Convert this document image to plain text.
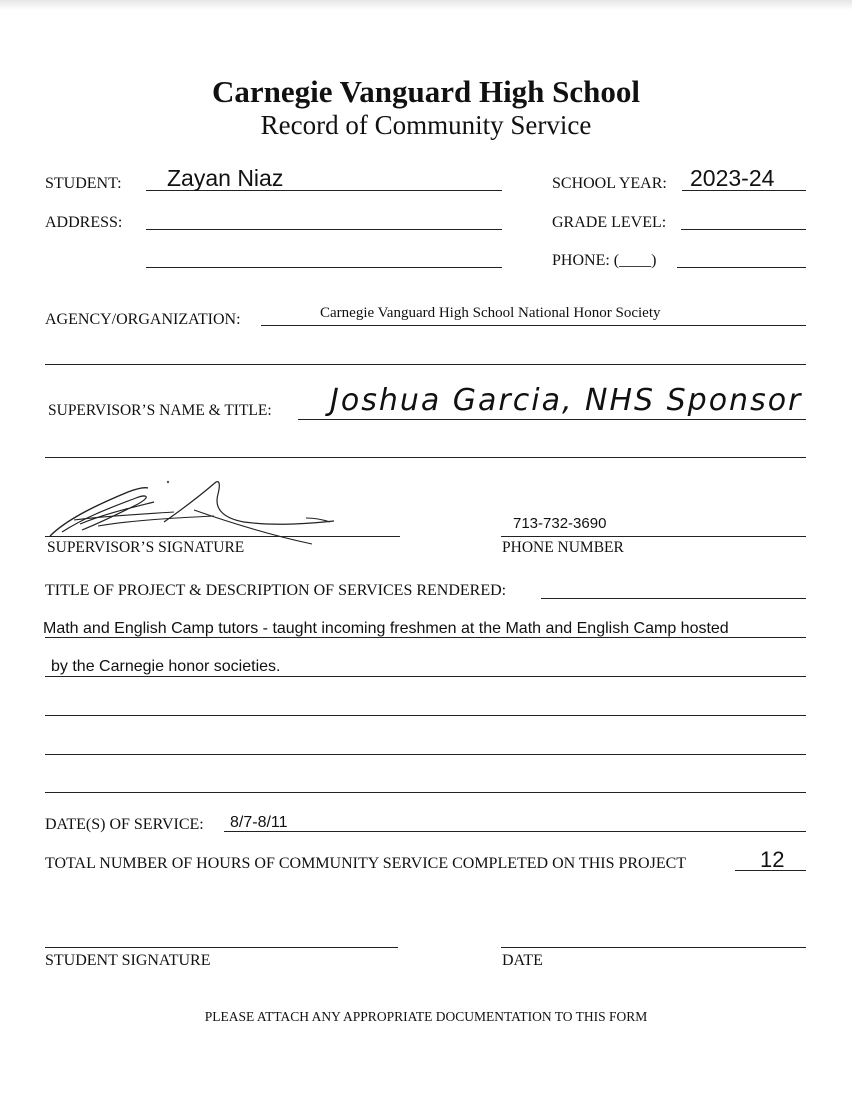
Carnegie Vanguard High School
Record of Community Service
STUDENT: Zayan Niaz	SCHOOL YEAR: 2023-24
ADDRESS:	GRADE LEVEL:
PHONE: (____)
AGENCY/ORGANIZATION:	Carnegie Vanguard High School National Honor Society
SUPERVISOR’S NAME & TITLE: Joshua Garcia, NHS Sponsor
SUPERVISOR’S SIGNATURE
713-732-3690
PHONE NUMBER
TITLE OF PROJECT & DESCRIPTION OF SERVICES RENDERED:
Math and English Camp tutors - taught incoming freshmen at the Math and English Camp hosted
by the Carnegie honor societies.
DATE(S) OF SERVICE: 8/7-8/11
TOTAL NUMBER OF HOURS OF COMMUNITY SERVICE COMPLETED ON THIS PROJECT	12
STUDENT SIGNATURE	DATE
PLEASE ATTACH ANY APPROPRIATE DOCUMENTATION TO THIS FORM
